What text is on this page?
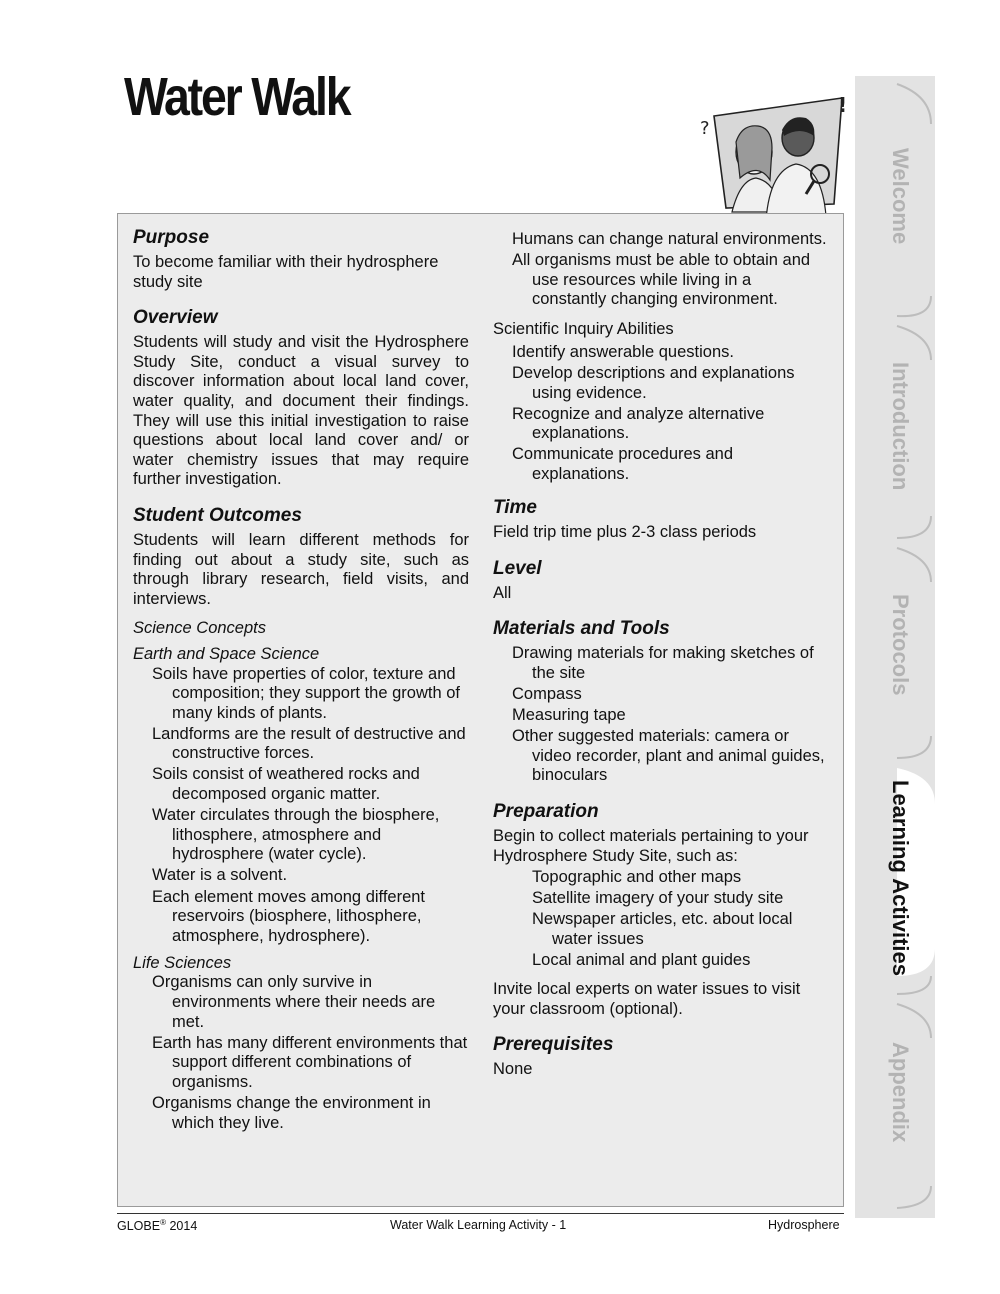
Water Walk
?
!
Purpose

To become familiar with their hydrosphere study site

Overview

Students will study and visit the Hydrosphere Study Site, conduct a visual survey to discover information about local land cover, water quality, and document their findings. They will use this initial investigation to raise questions about local land cover and/ or water chemistry issues that may require further investigation.

Student Outcomes

Students will learn different methods for finding out about a study site, such as through library research, field visits, and interviews.

Science Concepts

Earth and Space Science

Soils have properties of color, texture and composition; they support the growth of many kinds of plants.
Landforms are the result of destructive and constructive forces.
Soils consist of weathered rocks and decomposed organic matter.
Water circulates through the biosphere, lithosphere, atmosphere and hydrosphere (water cycle).
Water is a solvent.
Each element moves among different reservoirs (biosphere, lithosphere, atmosphere, hydrosphere).

Life Sciences

Organisms can only survive in environments where their needs are met.
Earth has many different environments that support different combinations of organisms.
Organisms change the environment in which they live.
Humans can change natural environments.
All organisms must be able to obtain and use resources while living in a constantly changing environment.

Scientific Inquiry Abilities

Identify answerable questions.
Develop descriptions and explanations using evidence.
Recognize and analyze alternative explanations.
Communicate procedures and explanations.
Time

Field trip time plus 2-3 class periods

Level

All

Materials and Tools
Drawing materials for making sketches of the site
Compass
Measuring tape
Other suggested materials: camera or video recorder, plant and animal guides, binoculars
Preparation

Begin to collect materials pertaining to your Hydrosphere Study Site, such as:

Topographic and other maps
Satellite imagery of your study site
Newspaper articles, etc. about local water issues
Local animal and plant guides

Invite local experts on water issues to visit your classroom (optional).

Prerequisites

None

GLOBE® 2014	Water Walk Learning Activity - 1	Hydrosphere
Welcome
Introduction
Protocols
Learning Activities
Appendix
